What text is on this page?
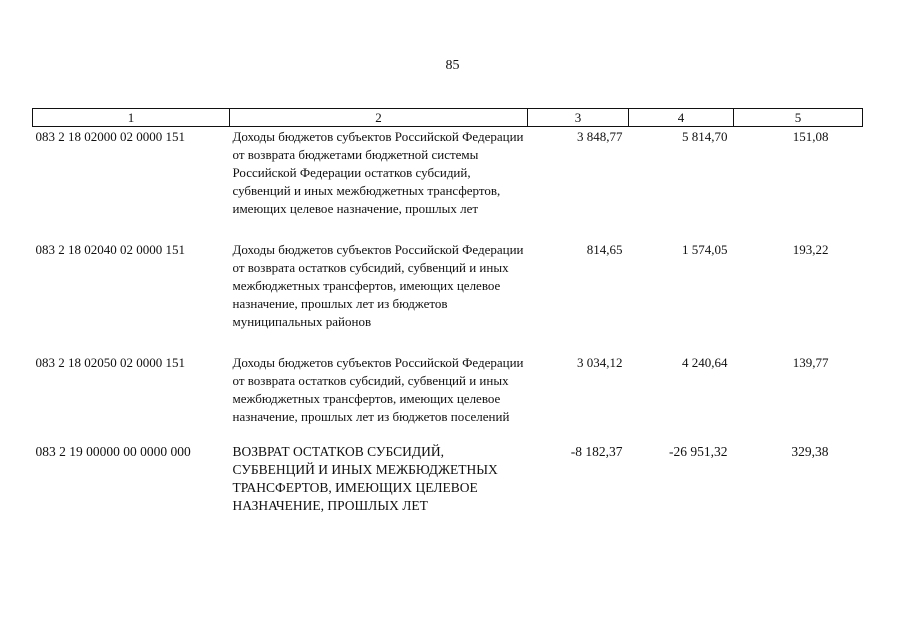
85
1	2	3	4	5
083 2 18 02000 02 0000 151	Доходы бюджетов субъектов Российской Федерации от возврата бюджетами бюджетной системы Российской Федерации остатков субсидий, субвенций и иных межбюджетных трансфертов, имеющих целевое назначение, прошлых лет	3 848,77	5 814,70	151,08
083 2 18 02040 02 0000 151	Доходы бюджетов субъектов Российской Федерации от возврата остатков субсидий, субвенций и иных межбюджетных трансфертов, имеющих целевое назначение, прошлых лет из бюджетов муниципальных районов	814,65	1 574,05	193,22
083 2 18 02050 02 0000 151	Доходы бюджетов субъектов Российской Федерации от возврата остатков субсидий, субвенций и иных межбюджетных трансфертов, имеющих целевое назначение, прошлых лет из бюджетов поселений	3 034,12	4 240,64	139,77
083 2 19 00000 00 0000 000	ВОЗВРАТ ОСТАТКОВ СУБСИДИЙ, СУБВЕНЦИЙ И ИНЫХ МЕЖБЮДЖЕТНЫХ ТРАНСФЕРТОВ, ИМЕЮЩИХ ЦЕЛЕВОЕ НАЗНАЧЕНИЕ, ПРОШЛЫХ ЛЕТ	-8 182,37	-26 951,32	329,38
